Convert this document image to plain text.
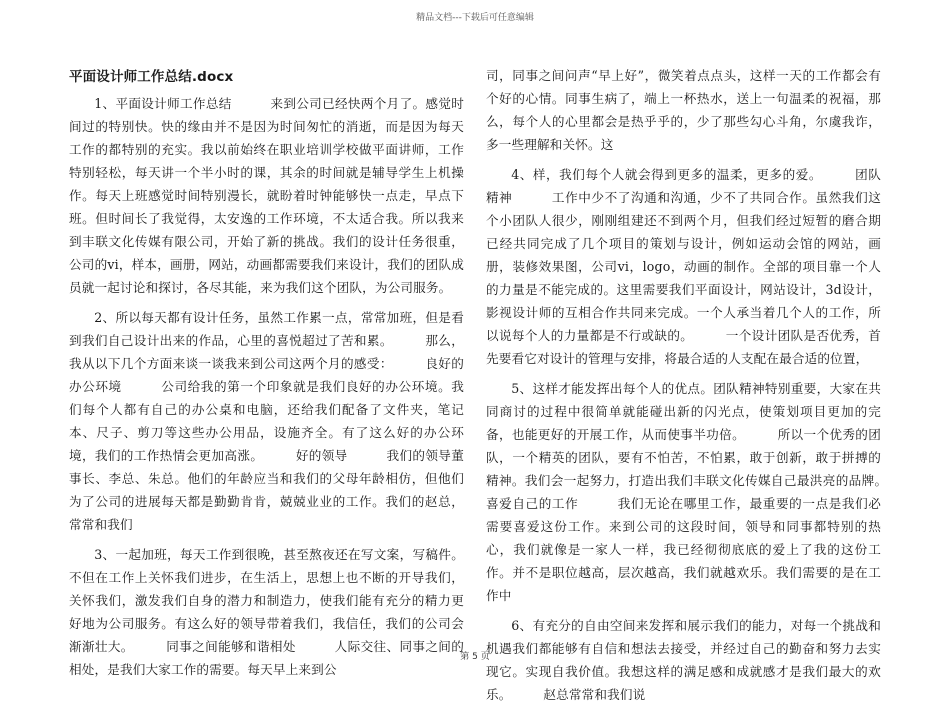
精品文档---下载后可任意编辑
平面设计师工作总结.docx

1、平面设计师工作总结　　　来到公司已经快两个月了。感觉时间过的特别快。快的缘由并不是因为时间匆忙的消逝，而是因为每天工作的都特别的充实。我以前始终在职业培训学校做平面讲师，工作特别轻松，每天讲一个半小时的课，其余的时间就是辅导学生上机操作。每天上班感觉时间特别漫长，就盼着时钟能够快一点走，早点下班。但时间长了我觉得，太安逸的工作环境，不太适合我。所以我来到丰联文化传媒有限公司，开始了新的挑战。我们的设计任务很重，公司的vi，样本，画册，网站，动画都需要我们来设计，我们的团队成员就一起讨论和探讨，各尽其能，来为我们这个团队，为公司服务。

2、所以每天都有设计任务，虽然工作累一点，常常加班，但是看到我们自己设计出来的作品，心里的喜悦超过了苦和累。　　　那么，我从以下几个方面来谈一谈我来到公司这两个月的感受：　　　良好的办公环境　　　公司给我的第一个印象就是我们良好的办公环境。我们每个人都有自己的办公桌和电脑，还给我们配备了文件夹，笔记本、尺子、剪刀等这些办公用品，设施齐全。有了这么好的办公环境，我们的工作热情会更加高涨。　　　好的领导　　　我们的领导董事长、李总、朱总。他们的年龄应当和我们的父母年龄相仿，但他们为了公司的进展每天都是勤勤肯肯，兢兢业业的工作。我们的赵总，常常和我们

3、一起加班，每天工作到很晚，甚至熬夜还在写文案，写稿件。不但在工作上关怀我们进步，在生活上，思想上也不断的开导我们，关怀我们，激发我们自身的潜力和制造力，使我们能有充分的精力更好地为公司服务。有这么好的领导带着我们，我信任，我们的公司会渐渐壮大。　　　同事之间能够和谐相处　　　人际交往、同事之间的相处，是我们大家工作的需要。每天早上来到公

司，同事之间问声“早上好”，微笑着点点头，这样一天的工作都会有个好的心情。同事生病了，端上一杯热水，送上一句温柔的祝福，那么，每个人的心里都会是热乎乎的，少了那些勾心斗角，尔虞我诈，多一些理解和关怀。这

4、样，我们每个人就会得到更多的温柔，更多的爱。　　　团队精神　　　工作中少不了沟通和沟通，少不了共同合作。虽然我们这个小团队人很少，刚刚组建还不到两个月，但我们经过短暂的磨合期已经共同完成了几个项目的策划与设计，例如运动会馆的网站，画册，装修效果图，公司vi，logo，动画的制作。全部的项目靠一个人的力量是不能完成的。这里需要我们平面设计，网站设计，3d设计，影视设计师的互相合作共同来完成。一个人承当着几个人的工作，所以说每个人的力量都是不行或缺的。　　　一个设计团队是否优秀，首先要看它对设计的管理与安排，将最合适的人支配在最合适的位置，

5、这样才能发挥出每个人的优点。团队精神特别重要，大家在共同商讨的过程中很简单就能碰出新的闪光点，使策划项目更加的完备，也能更好的开展工作，从而使事半功倍。　　　所以一个优秀的团队，一个精英的团队，要有不怕苦，不怕累，敢于创新，敢于拼搏的精神。我们会一起努力，打造出我们丰联文化传媒自己最洪亮的品牌。　　　喜爱自己的工作　　　我们无论在哪里工作，最重要的一点是我们必需要喜爱这份工作。来到公司的这段时间，领导和同事都特别的热心，我们就像是一家人一样，我已经彻彻底底的爱上了我的这份工作。并不是职位越高，层次越高，我们就越欢乐。我们需要的是在工作中

6、有充分的自由空间来发挥和展示我们的能力，对每一个挑战和机遇我们都能够有自信和想法去接受，并经过自己的勤奋和努力去实现它。实现自我价值。我想这样的满足感和成就感才是我们最大的欢乐。　　　赵总常常和我们说

第 5 页
